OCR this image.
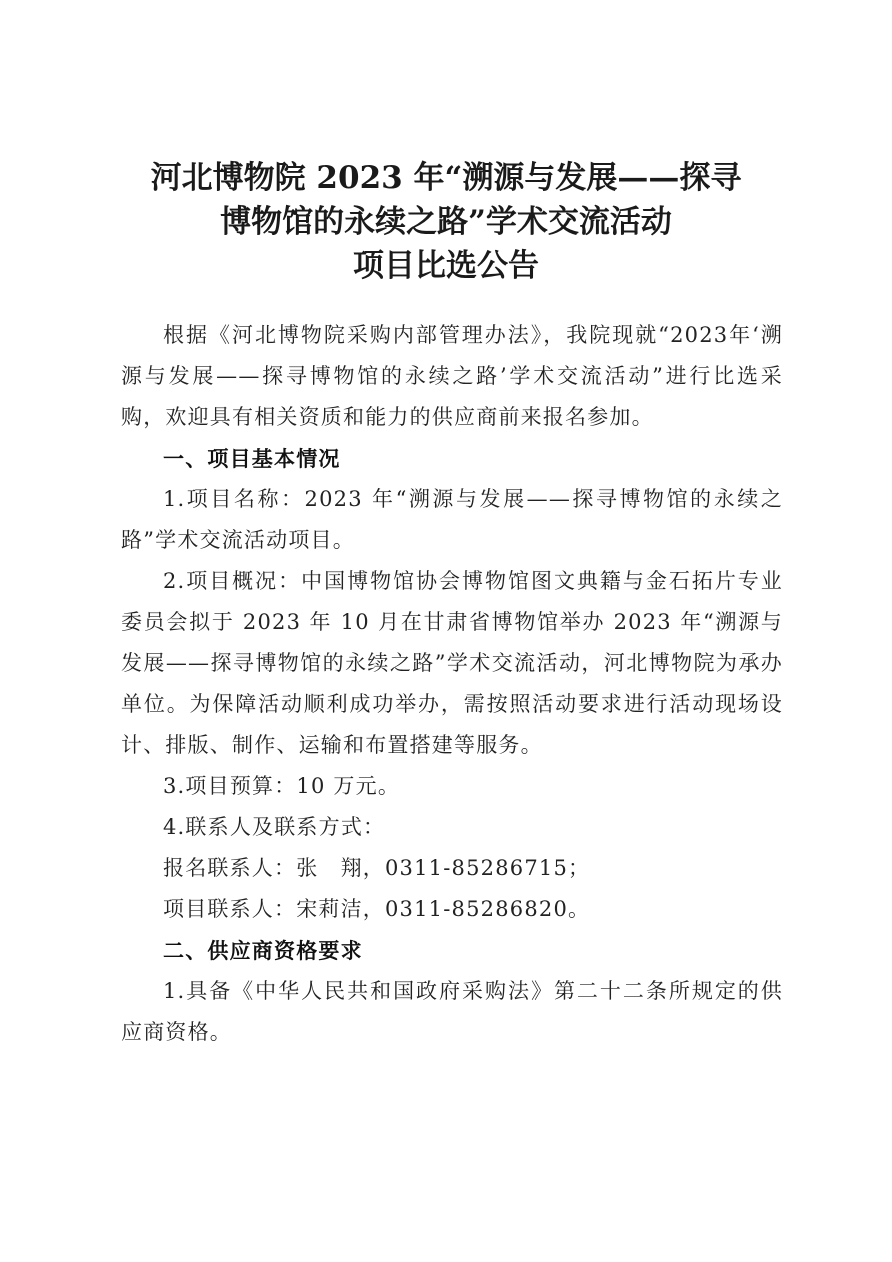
河北博物院 2023 年“溯源与发展——探寻
博物馆的永续之路”学术交流活动
项目比选公告

根据《河北博物院采购内部管理办法》，我院现就“2023年‘溯源与发展——探寻博物馆的永续之路’学术交流活动”进行比选采购，欢迎具有相关资质和能力的供应商前来报名参加。

一、项目基本情况

1.项目名称：2023 年“溯源与发展——探寻博物馆的永续之路”学术交流活动项目。

2.项目概况：中国博物馆协会博物馆图文典籍与金石拓片专业委员会拟于 2023 年 10 月在甘肃省博物馆举办 2023 年“溯源与发展——探寻博物馆的永续之路”学术交流活动，河北博物院为承办单位。为保障活动顺利成功举办，需按照活动要求进行活动现场设计、排版、制作、运输和布置搭建等服务。

3.项目预算：10 万元。

4.联系人及联系方式：

报名联系人：张　翔，0311-85286715；

项目联系人：宋莉洁，0311-85286820。

二、供应商资格要求

1.具备《中华人民共和国政府采购法》第二十二条所规定的供应商资格。
